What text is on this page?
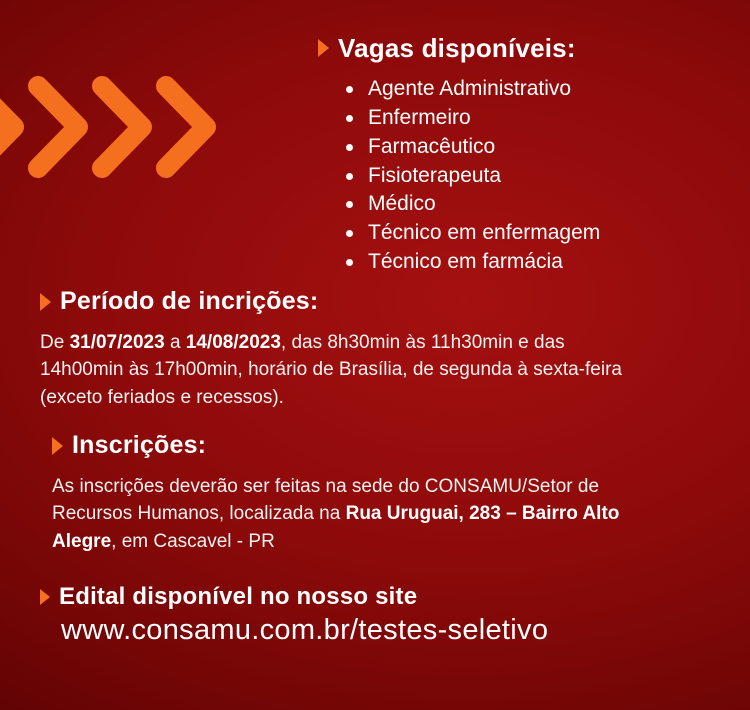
Vagas disponíveis:
Agente Administrativo
Enfermeiro
Farmacêutico
Fisioterapeuta
Médico
Técnico em enfermagem
Técnico em farmácia
Período de incrições:

De 31/07/2023 a 14/08/2023, das 8h30min às 11h30min e das
14h00min às 17h00min, horário de Brasília, de segunda à sexta-feira
(exceto feriados e recessos).

Inscrições:

As inscrições deverão ser feitas na sede do CONSAMU/Setor de
Recursos Humanos, localizada na Rua Uruguai, 283 – Bairro Alto
Alegre, em Cascavel - PR

Edital disponível no nosso site
www.consamu.com.br/testes-seletivo
